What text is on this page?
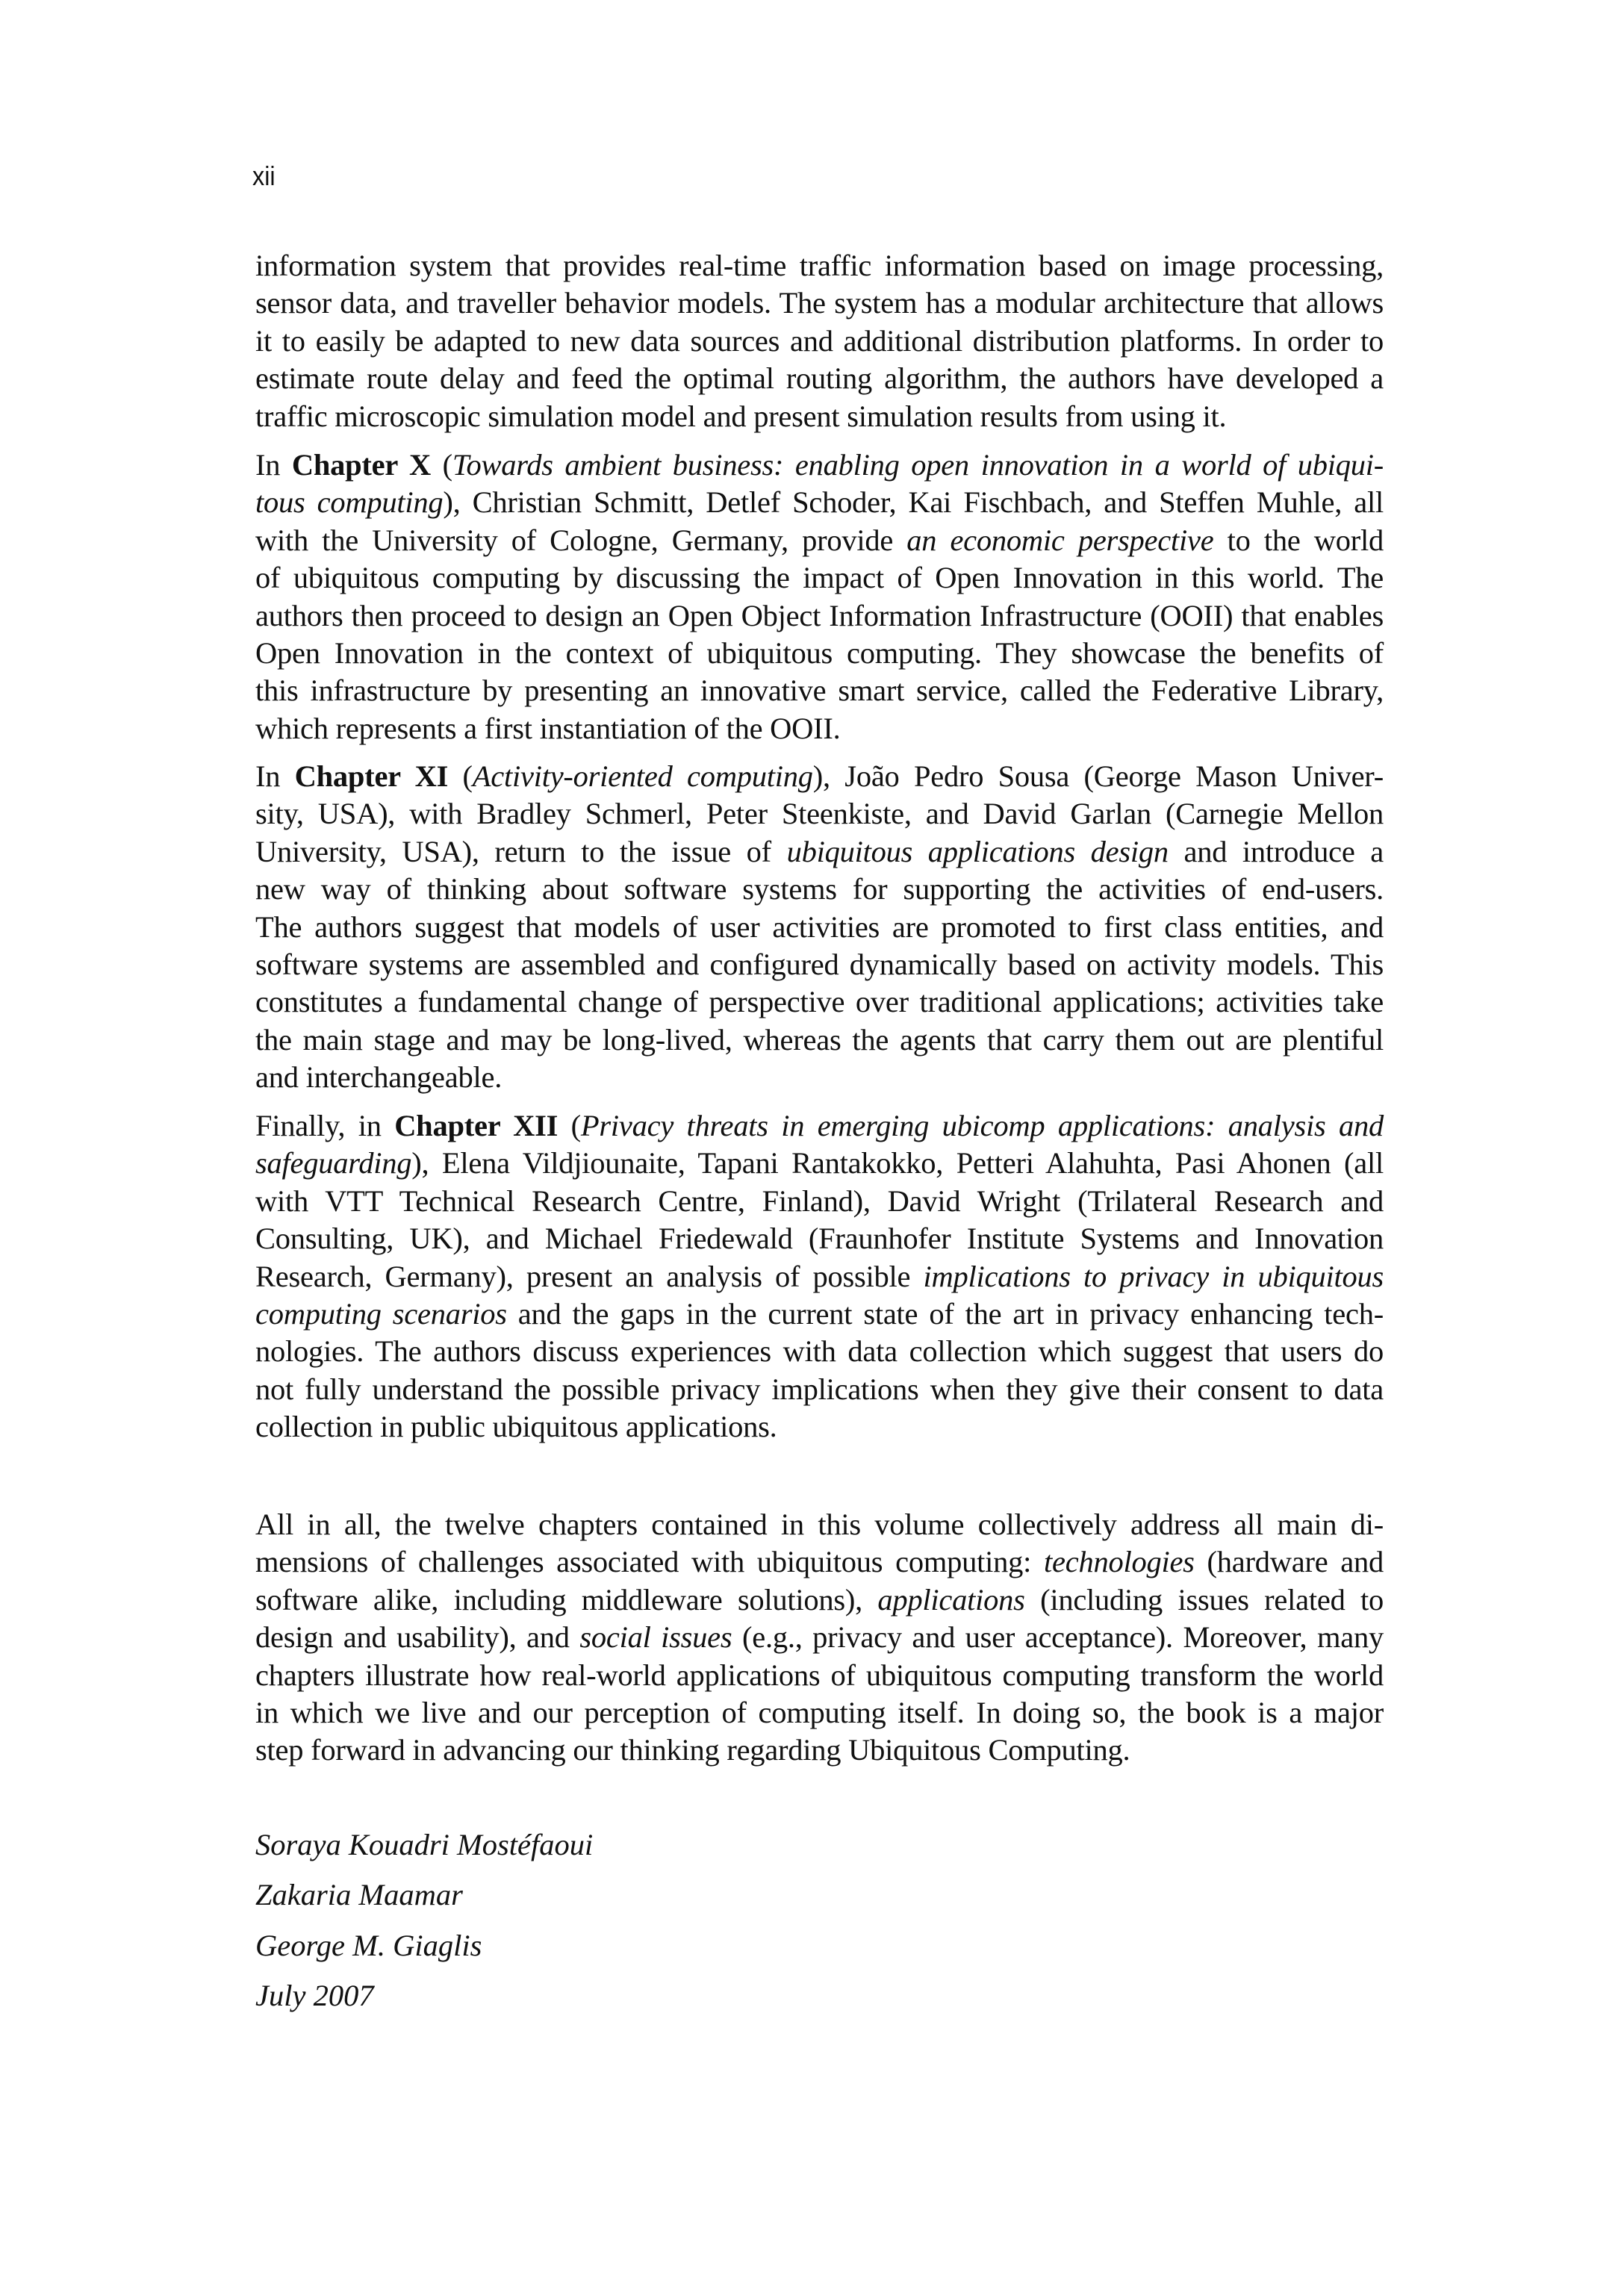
xii
information system that provides real-time traffic information based on image processing,
sensor data, and traveller behavior models. The system has a modular architecture that allows
it to easily be adapted to new data sources and additional distribution platforms. In order to
estimate route delay and feed the optimal routing algorithm, the authors have developed a
traffic microscopic simulation model and present simulation results from using it.
In Chapter X (Towards ambient business: enabling open innovation in a world of ubiqui-
tous computing), Christian Schmitt, Detlef Schoder, Kai Fischbach, and Steffen Muhle, all
with the University of Cologne, Germany, provide an economic perspective to the world
of ubiquitous computing by discussing the impact of Open Innovation in this world. The
authors then proceed to design an Open Object Information Infrastructure (OOII) that enables
Open Innovation in the context of ubiquitous computing. They showcase the benefits of
this infrastructure by presenting an innovative smart service, called the Federative Library,
which represents a first instantiation of the OOII.
In Chapter XI (Activity-oriented computing), João Pedro Sousa (George Mason Univer-
sity, USA), with Bradley Schmerl, Peter Steenkiste, and David Garlan (Carnegie Mellon
University, USA), return to the issue of ubiquitous applications design and introduce a
new way of thinking about software systems for supporting the activities of end-users.
The authors suggest that models of user activities are promoted to first class entities, and
software systems are assembled and configured dynamically based on activity models. This
constitutes a fundamental change of perspective over traditional applications; activities take
the main stage and may be long-lived, whereas the agents that carry them out are plentiful
and interchangeable.
Finally, in Chapter XII (Privacy threats in emerging ubicomp applications: analysis and
safeguarding), Elena Vildjiounaite, Tapani Rantakokko, Petteri Alahuhta, Pasi Ahonen (all
with VTT Technical Research Centre, Finland), David Wright (Trilateral Research and
Consulting, UK), and Michael Friedewald (Fraunhofer Institute Systems and Innovation
Research, Germany), present an analysis of possible implications to privacy in ubiquitous
computing scenarios and the gaps in the current state of the art in privacy enhancing tech-
nologies. The authors discuss experiences with data collection which suggest that users do
not fully understand the possible privacy implications when they give their consent to data
collection in public ubiquitous applications.
All in all, the twelve chapters contained in this volume collectively address all main di-
mensions of challenges associated with ubiquitous computing: technologies (hardware and
software alike, including middleware solutions), applications (including issues related to
design and usability), and social issues (e.g., privacy and user acceptance). Moreover, many
chapters illustrate how real-world applications of ubiquitous computing transform the world
in which we live and our perception of computing itself. In doing so, the book is a major
step forward in advancing our thinking regarding Ubiquitous Computing.
Soraya Kouadri Mostéfaoui
Zakaria Maamar
George M. Giaglis
July 2007
